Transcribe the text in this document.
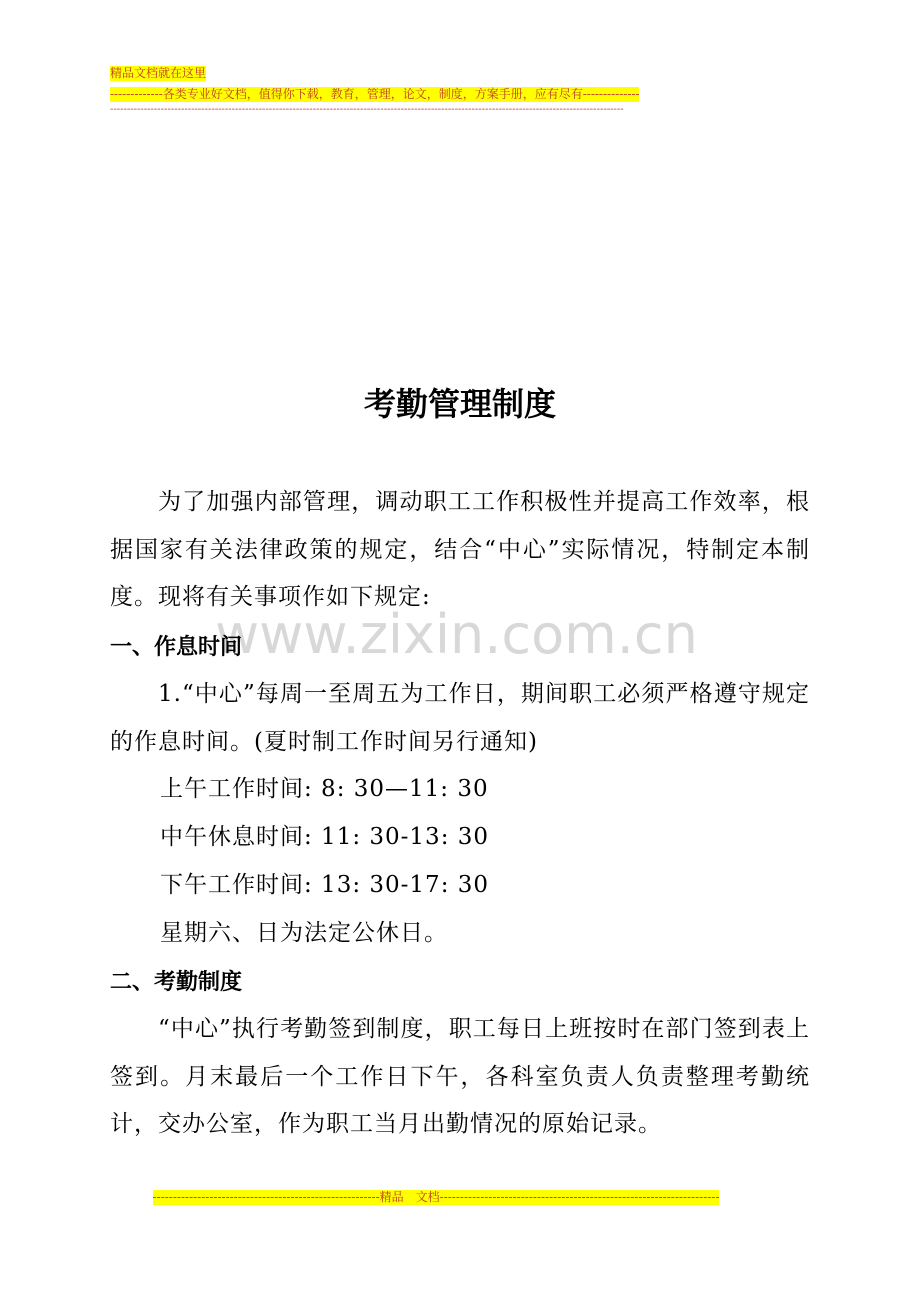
精品文档就在这里
-------------各类专业好文档，值得你下载，教育，管理，论文，制度，方案手册，应有尽有--------------
--------------------------------------------------------------------------------------------------------------------------------------------------------
www.zixin.com.cn
考勤管理制度
为了加强内部管理，调动职工工作积极性并提高工作效率，根据国家有关法律政策的规定，结合“中心”实际情况，特制定本制度。现将有关事项作如下规定:
一、作息时间
1.“中心”每周一至周五为工作日，期间职工必须严格遵守规定的作息时间。(夏时制工作时间另行通知)
上午工作时间: 8: 30—11: 30
中午休息时间: 11: 30-13: 30
下午工作时间: 13: 30-17: 30
星期六、日为法定公休日。
二、考勤制度
“中心”执行考勤签到制度，职工每日上班按时在部门签到表上签到。月末最后一个工作日下午，各科室负责人负责整理考勤统计，交办公室，作为职工当月出勤情况的原始记录。
--------------------------------------------------------精品　文档---------------------------------------------------------------------
